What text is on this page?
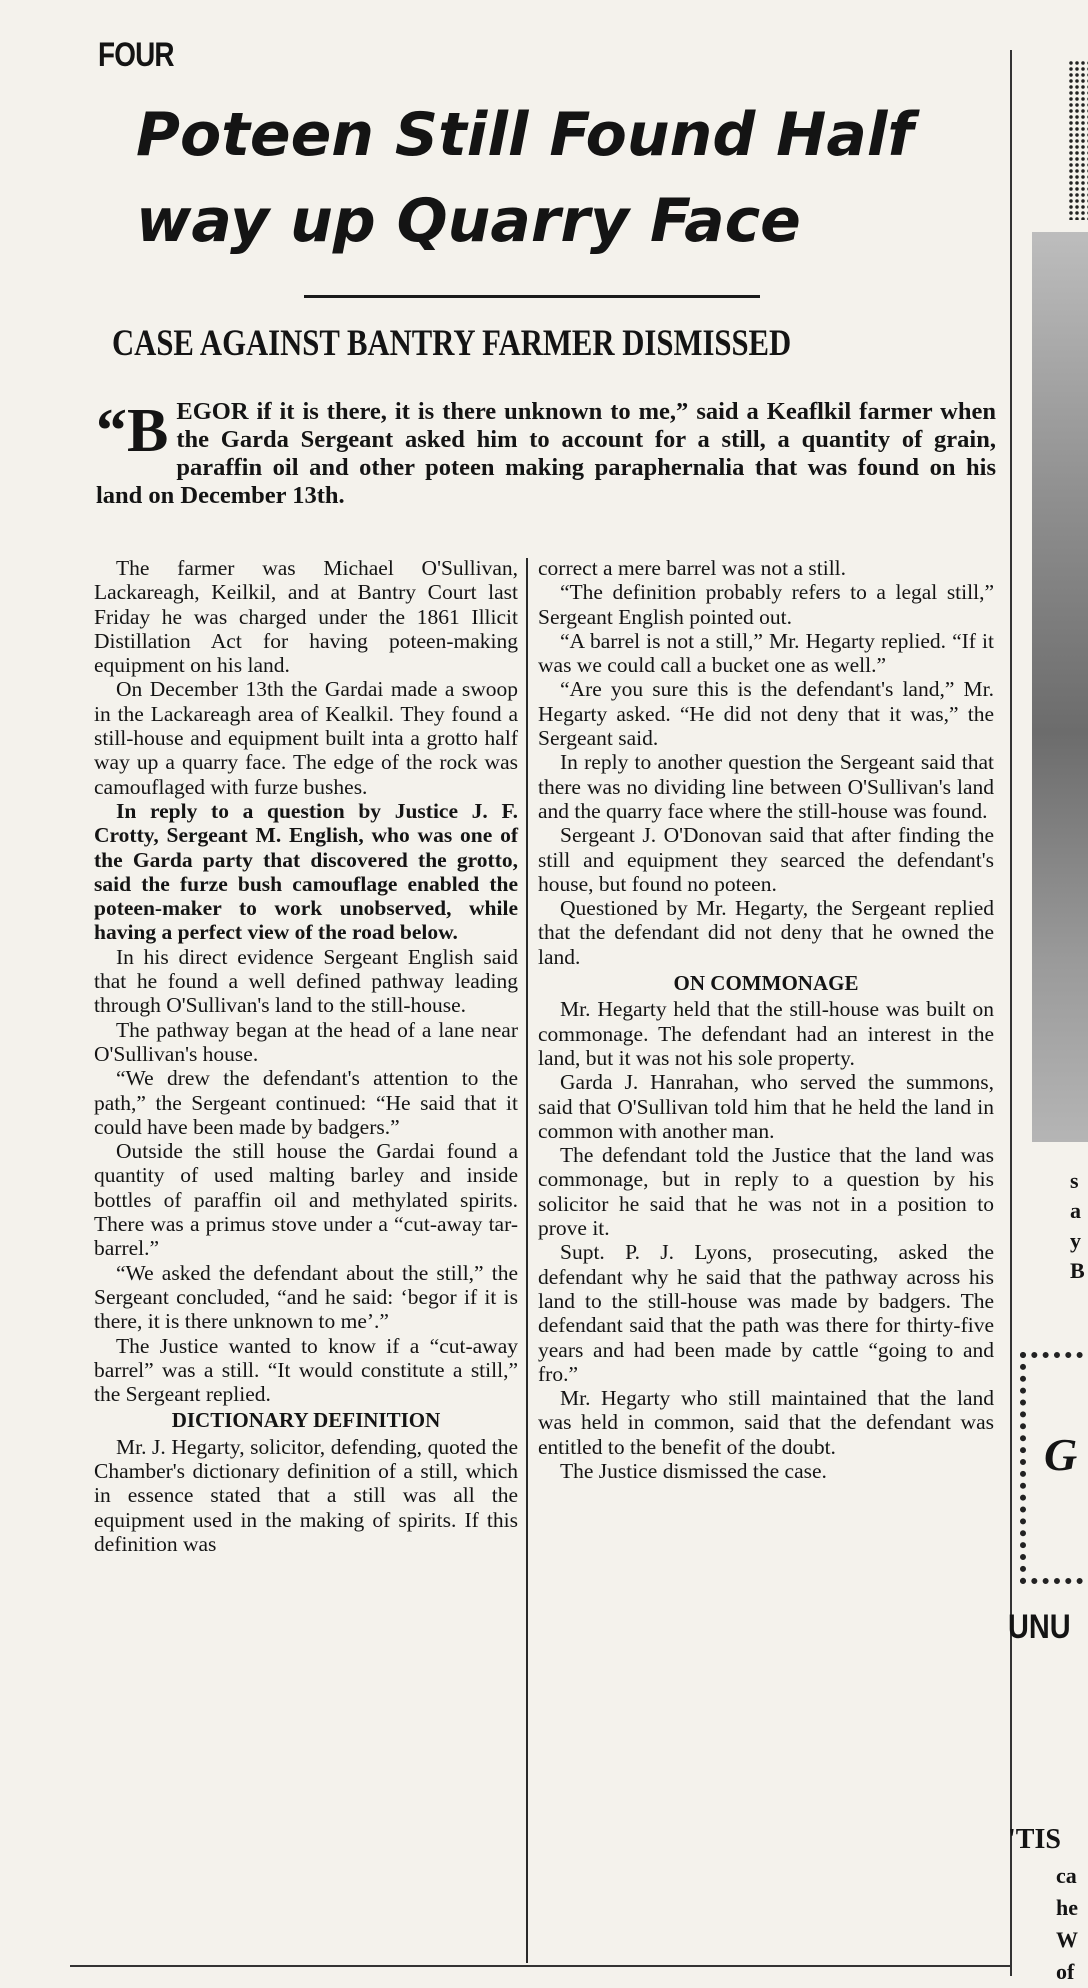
FOUR
Poteen Still Found Half way up Quarry Face
CASE AGAINST BANTRY FARMER DISMISSED

“B EGOR if it is there, it is there unknown to me,” said a Keaflkil farmer when the Garda Sergeant asked him to account for a still, a quantity of grain, paraffin oil and other poteen making paraphernalia that was found on his land on December 13th.

The farmer was Michael O'Sullivan, Lackareagh, Keilkil, and at Bantry Court last Friday he was charged under the 1861 Illicit Distillation Act for having poteen-making equipment on his land.

On December 13th the Gardai made a swoop in the Lackareagh area of Kealkil. They found a still-house and equipment built inta a grotto half way up a quarry face. The edge of the rock was camouflaged with furze bushes.

In reply to a question by Justice J. F. Crotty, Sergeant M. English, who was one of the Garda party that discovered the grotto, said the furze bush camouflage enabled the poteen-maker to work unobserved, while having a perfect view of the road below.

In his direct evidence Sergeant English said that he found a well defined pathway leading through O'Sullivan's land to the still-house.

The pathway began at the head of a lane near O'Sullivan's house.

“We drew the defendant's attention to the path,” the Sergeant continued: “He said that it could have been made by badgers.”

Outside the still house the Gardai found a quantity of used malting barley and inside bottles of paraffin oil and methylated spirits. There was a primus stove under a “cut-away tar-barrel.”

“We asked the defendant about the still,” the Sergeant concluded, “and he said: ‘begor if it is there, it is there unknown to me’.”

The Justice wanted to know if a “cut-away barrel” was a still. “It would constitute a still,” the Sergeant replied.

DICTIONARY DEFINITION

Mr. J. Hegarty, solicitor, defending, quoted the Chamber's dictionary definition of a still, which in essence stated that a still was all the equipment used in the making of spirits. If this definition was

correct a mere barrel was not a still.

“The definition probably refers to a legal still,” Sergeant English pointed out.

“A barrel is not a still,” Mr. Hegarty replied. “If it was we could call a bucket one as well.”

“Are you sure this is the defendant's land,” Mr. Hegarty asked. “He did not deny that it was,” the Sergeant said.

In reply to another question the Sergeant said that there was no dividing line between O'Sullivan's land and the quarry face where the still-house was found.

Sergeant J. O'Donovan said that after finding the still and equipment they searced the defendant's house, but found no poteen.

Questioned by Mr. Hegarty, the Sergeant replied that the defendant did not deny that he owned the land.

ON COMMONAGE

Mr. Hegarty held that the still-house was built on commonage. The defendant had an interest in the land, but it was not his sole property.

Garda J. Hanrahan, who served the summons, said that O'Sullivan told him that he held the land in common with another man.

The defendant told the Justice that the land was commonage, but in reply to a question by his solicitor he said that he was not in a position to prove it.

Supt. P. J. Lyons, prosecuting, asked the defendant why he said that the pathway across his land to the still-house was made by badgers. The defendant said that the path was there for thirty-five years and had been made by cattle “going to and fro.”

Mr. Hegarty who still maintained that the land was held in common, said that the defendant was entitled to the benefit of the doubt.

The Justice dismissed the case.

s
a
y
B
G
UNU
'TIS
ca
he
W
of
